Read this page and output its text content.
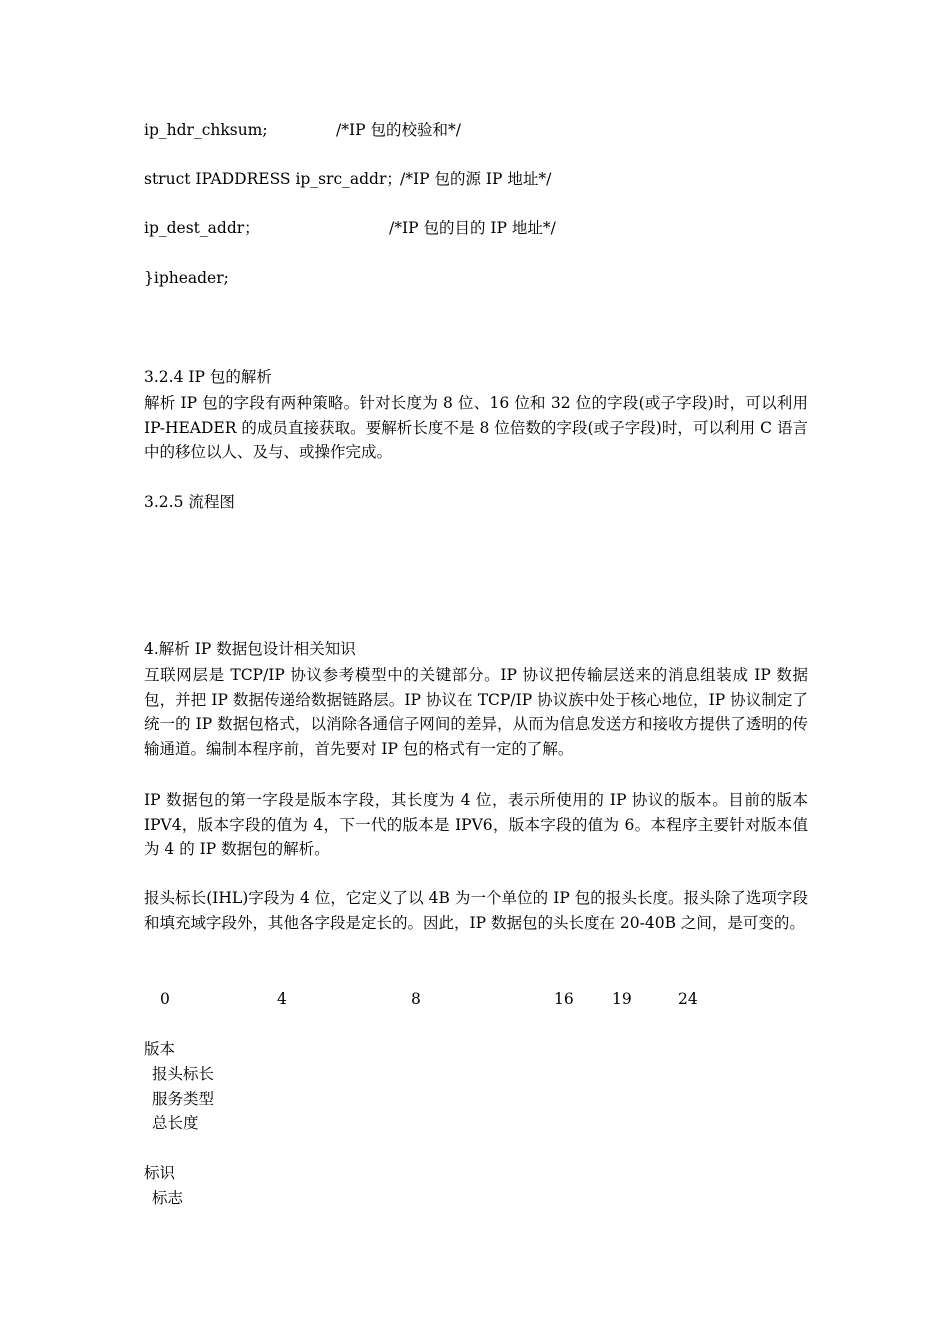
ip_hdr_chksum;	/*IP 包的校验和*/
struct IPADDRESS ip_src_addr；
/*IP 包的源 IP 地址*/
ip_dest_addr；	/*IP 包的目的 IP 地址*/
}ipheader;
3.2.4 IP 包的解析
解析 IP 包的字段有两种策略。针对长度为 8 位、16 位和 32 位的字段(或子字段)时，可以利用 IP-HEADER 的成员直接获取。要解析长度不是 8 位倍数的字段(或子字段)时，可以利用 C 语言中的移位以人、及与、或操作完成。
3.2.5 流程图
4.解析 IP 数据包设计相关知识
互联网层是 TCP/IP 协议参考模型中的关键部分。IP 协议把传输层送来的消息组装成 IP 数据包，并把 IP 数据传递给数据链路层。IP 协议在 TCP/IP 协议族中处于核心地位，IP 协议制定了统一的 IP 数据包格式，以消除各通信子网间的差异，从而为信息发送方和接收方提供了透明的传输通道。编制本程序前，首先要对 IP 包的格式有一定的了解。
IP 数据包的第一字段是版本字段，其长度为 4 位，表示所使用的 IP 协议的版本。目前的版本 IPV4，版本字段的值为 4，下一代的版本是 IPV6，版本字段的值为 6。本程序主要针对版本值为 4 的 IP 数据包的解析。
报头标长(IHL)字段为 4 位，它定义了以 4B 为一个单位的 IP 包的报头长度。报头除了选项字段和填充域字段外，其他各字段是定长的。因此，IP 数据包的头长度在 20-40B 之间，是可变的。
0	4	8	16 19	24
版本
报头标长
服务类型
总长度
标识
标志
